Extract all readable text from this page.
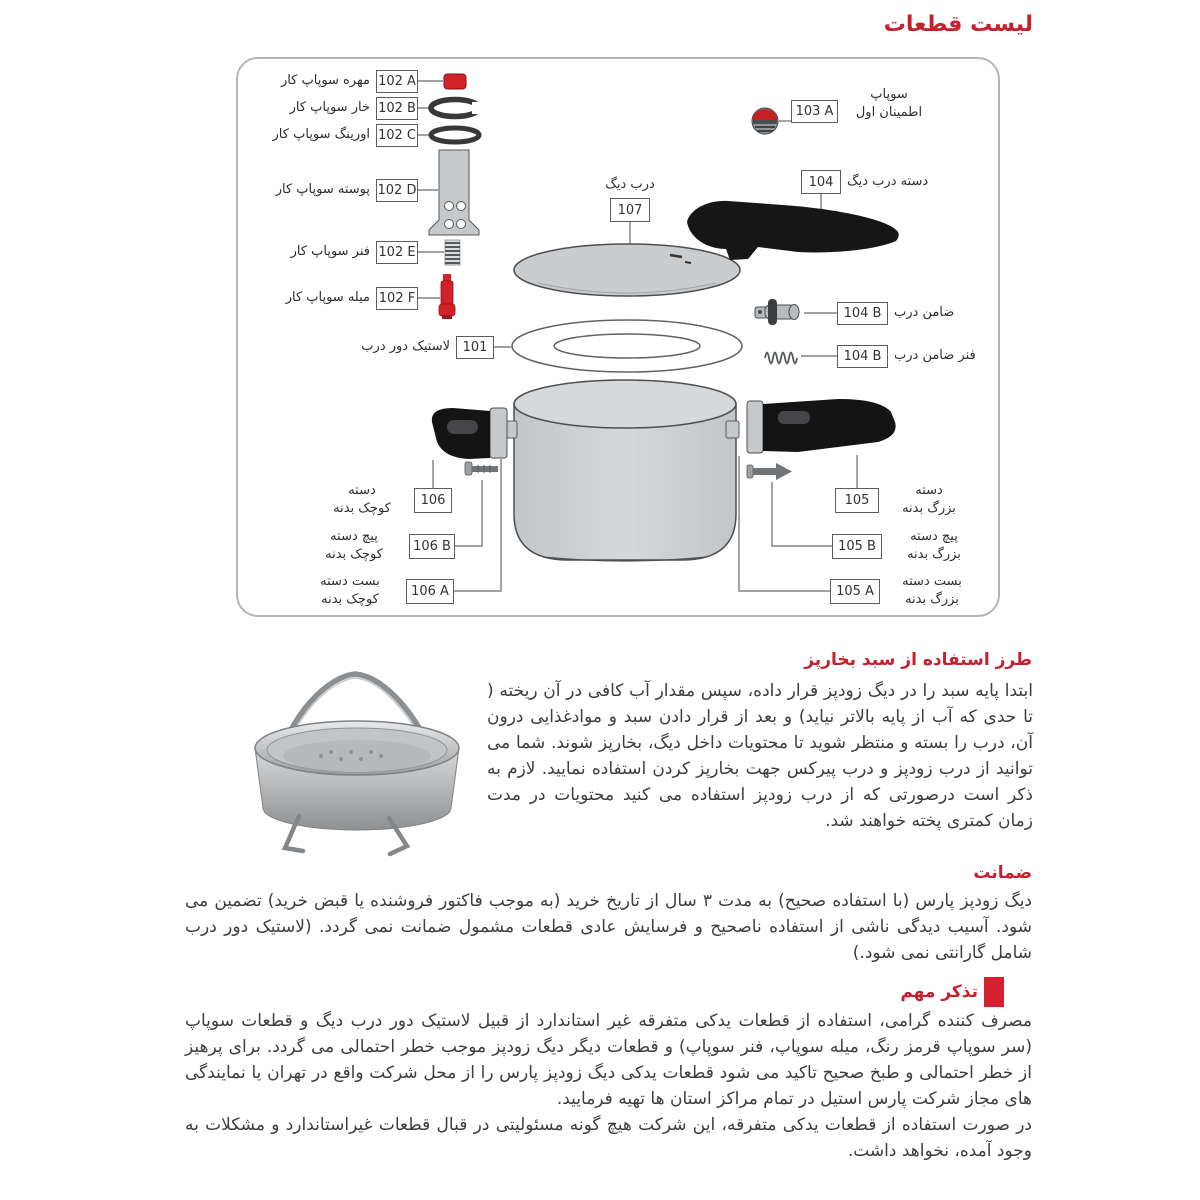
لیست قطعات
102 A
102 B
102 C
102 D
102 E
102 F
101
107
103 A
104
104 B
104 B
106
106 B
106 A
105
105 B
105 A
مهره سوپاپ کار
خار سوپاپ کار
اورینگ سوپاپ کار
پوسته سوپاپ کار
فنر سوپاپ کار
میله سوپاپ کار
لاستیک دور درب
درب دیگ
سوپاپ
اطمینان اول
دسته درب دیگ
ضامن درب
فنر ضامن درب
دسته
کوچک بدنه
پیچ دسته
کوچک بدنه
بست دسته
کوچک بدنه
دسته
بزرگ بدنه
پیچ دسته
بزرگ بدنه
بست دسته
بزرگ بدنه
طرز استفاده از سبد بخارپز
ابتدا پایه سبد را در دیگ زودپز قرار داده، سپس مقدار آب کافی در آن ریخته ( تا حدی که آب از پایه بالاتر نیاید) و بعد از قرار دادن سبد و موادغذایی درون آن، درب را بسته و منتظر شوید تا محتویات داخل دیگ، بخارپز شوند. شما می توانید از درب زودپز و درب پیرکس جهت بخارپز کردن استفاده نمایید. لازم به ذکر است درصورتی که از درب زودپز استفاده می کنید محتویات در مدت زمان کمتری پخته خواهند شد.
ضمانت
دیگ زودپز پارس (با استفاده صحیح) به مدت ۳ سال از تاریخ خرید (به موجب فاکتور فروشنده یا قبض خرید) تضمین می شود. آسیب دیدگی ناشی از استفاده ناصحیح و فرسایش عادی قطعات مشمول ضمانت نمی گردد. (لاستیک دور درب شامل گارانتی نمی شود.)
تذکر مهم

مصرف کننده گرامی، استفاده از قطعات یدکی متفرقه غیر استاندارد از قبیل لاستیک دور درب دیگ و قطعات سوپاپ (سر سوپاپ قرمز رنگ، میله سوپاپ، فنر سوپاپ) و قطعات دیگر دیگ زودپز موجب خطر احتمالی می گردد. برای پرهیز از خطر احتمالی و طبخ صحیح تاکید می شود قطعات یدکی دیگ زودپز پارس را از محل شرکت واقع در تهران یا نمایندگی های مجاز شرکت پارس استیل در تمام مراکز استان ها تهیه فرمایید.

در صورت استفاده از قطعات یدکی متفرقه، این شرکت هیچ گونه مسئولیتی در قبال قطعات غیراستاندارد و مشکلات به وجود آمده، نخواهد داشت.
